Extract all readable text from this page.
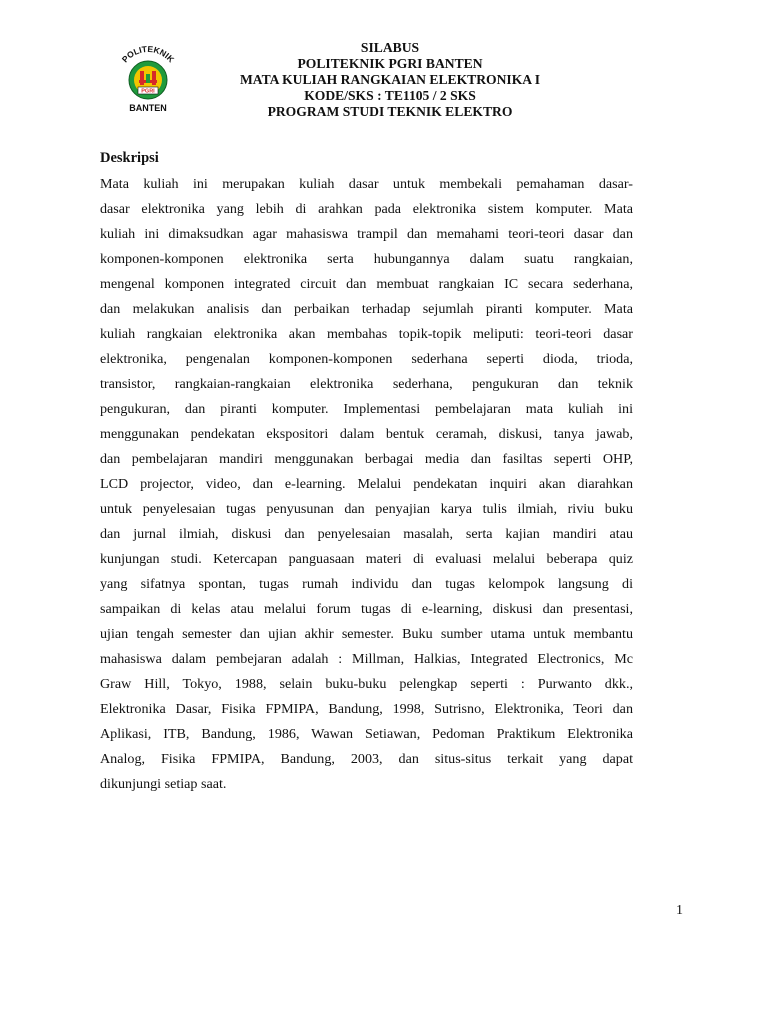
POLITEKNIK
PGRI
BANTEN
SILABUS
POLITEKNIK PGRI BANTEN
MATA KULIAH RANGKAIAN ELEKTRONIKA I
KODE/SKS : TE1105 / 2 SKS
PROGRAM STUDI TEKNIK ELEKTRO
Deskripsi
Mata kuliah ini merupakan kuliah dasar untuk membekali pemahaman dasar-
dasar elektronika yang lebih di arahkan pada elektronika sistem komputer. Mata
kuliah ini dimaksudkan agar mahasiswa trampil dan memahami teori-teori dasar dan
komponen-komponen elektronika serta hubungannya dalam suatu rangkaian,
mengenal komponen integrated circuit dan membuat rangkaian IC secara sederhana,
dan melakukan analisis dan perbaikan terhadap sejumlah piranti komputer. Mata
kuliah rangkaian elektronika akan membahas topik-topik meliputi: teori-teori dasar
elektronika, pengenalan komponen-komponen sederhana seperti dioda, trioda,
transistor, rangkaian-rangkaian elektronika sederhana, pengukuran dan teknik
pengukuran, dan piranti komputer. Implementasi pembelajaran mata kuliah ini
menggunakan pendekatan ekspositori dalam bentuk ceramah, diskusi, tanya jawab,
dan pembelajaran mandiri menggunakan berbagai media dan fasiltas seperti OHP,
LCD projector, video, dan e-learning. Melalui pendekatan inquiri akan diarahkan
untuk penyelesaian tugas penyusunan dan penyajian karya tulis ilmiah, riviu buku
dan jurnal ilmiah, diskusi dan penyelesaian masalah, serta kajian mandiri atau
kunjungan studi. Ketercapan panguasaan materi di evaluasi melalui beberapa quiz
yang sifatnya spontan, tugas rumah individu dan tugas kelompok langsung di
sampaikan di kelas atau melalui forum tugas di e-learning, diskusi dan presentasi,
ujian tengah semester dan ujian akhir semester. Buku sumber utama untuk membantu
mahasiswa dalam pembejaran adalah : Millman, Halkias, Integrated Electronics, Mc
Graw Hill, Tokyo, 1988, selain buku-buku pelengkap seperti : Purwanto dkk.,
Elektronika Dasar, Fisika FPMIPA, Bandung, 1998, Sutrisno, Elektronika, Teori dan
Aplikasi, ITB, Bandung, 1986, Wawan Setiawan, Pedoman Praktikum Elektronika
Analog, Fisika FPMIPA, Bandung, 2003, dan situs-situs terkait yang dapat
dikunjungi setiap saat.
1
